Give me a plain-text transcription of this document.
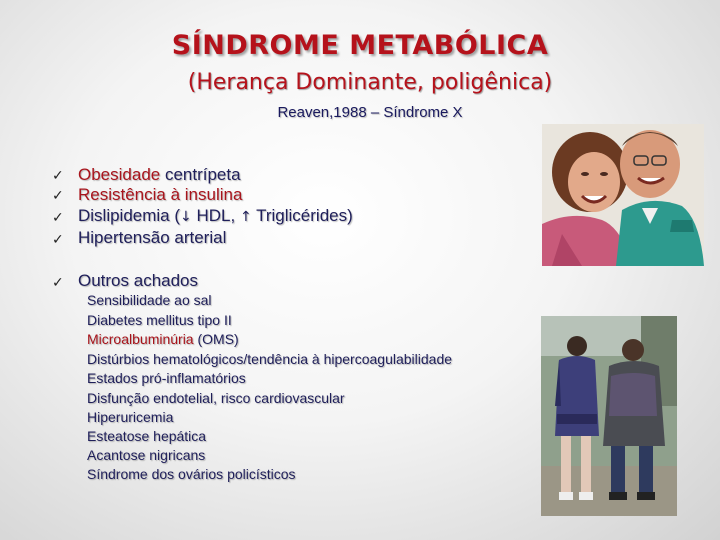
SÍNDROME METABÓLICA
(Herança Dominante, poligênica)
Reaven,1988 – Síndrome X
✓ Obesidade centrípeta
✓ Resistência à insulina
✓ Dislipidemia (↓ HDL, ↑ Triglicérides)
✓ Hipertensão arterial
✓ Outros achados
Sensibilidade ao sal
Diabetes mellitus tipo II
Microalbuminúria (OMS)
Distúrbios hematológicos/tendência à hipercoagulabilidade
Estados pró-inflamatórios
Disfunção endotelial, risco cardiovascular
Hiperuricemia
Esteatose hepática
Acantose nigricans
Síndrome dos ovários policísticos
